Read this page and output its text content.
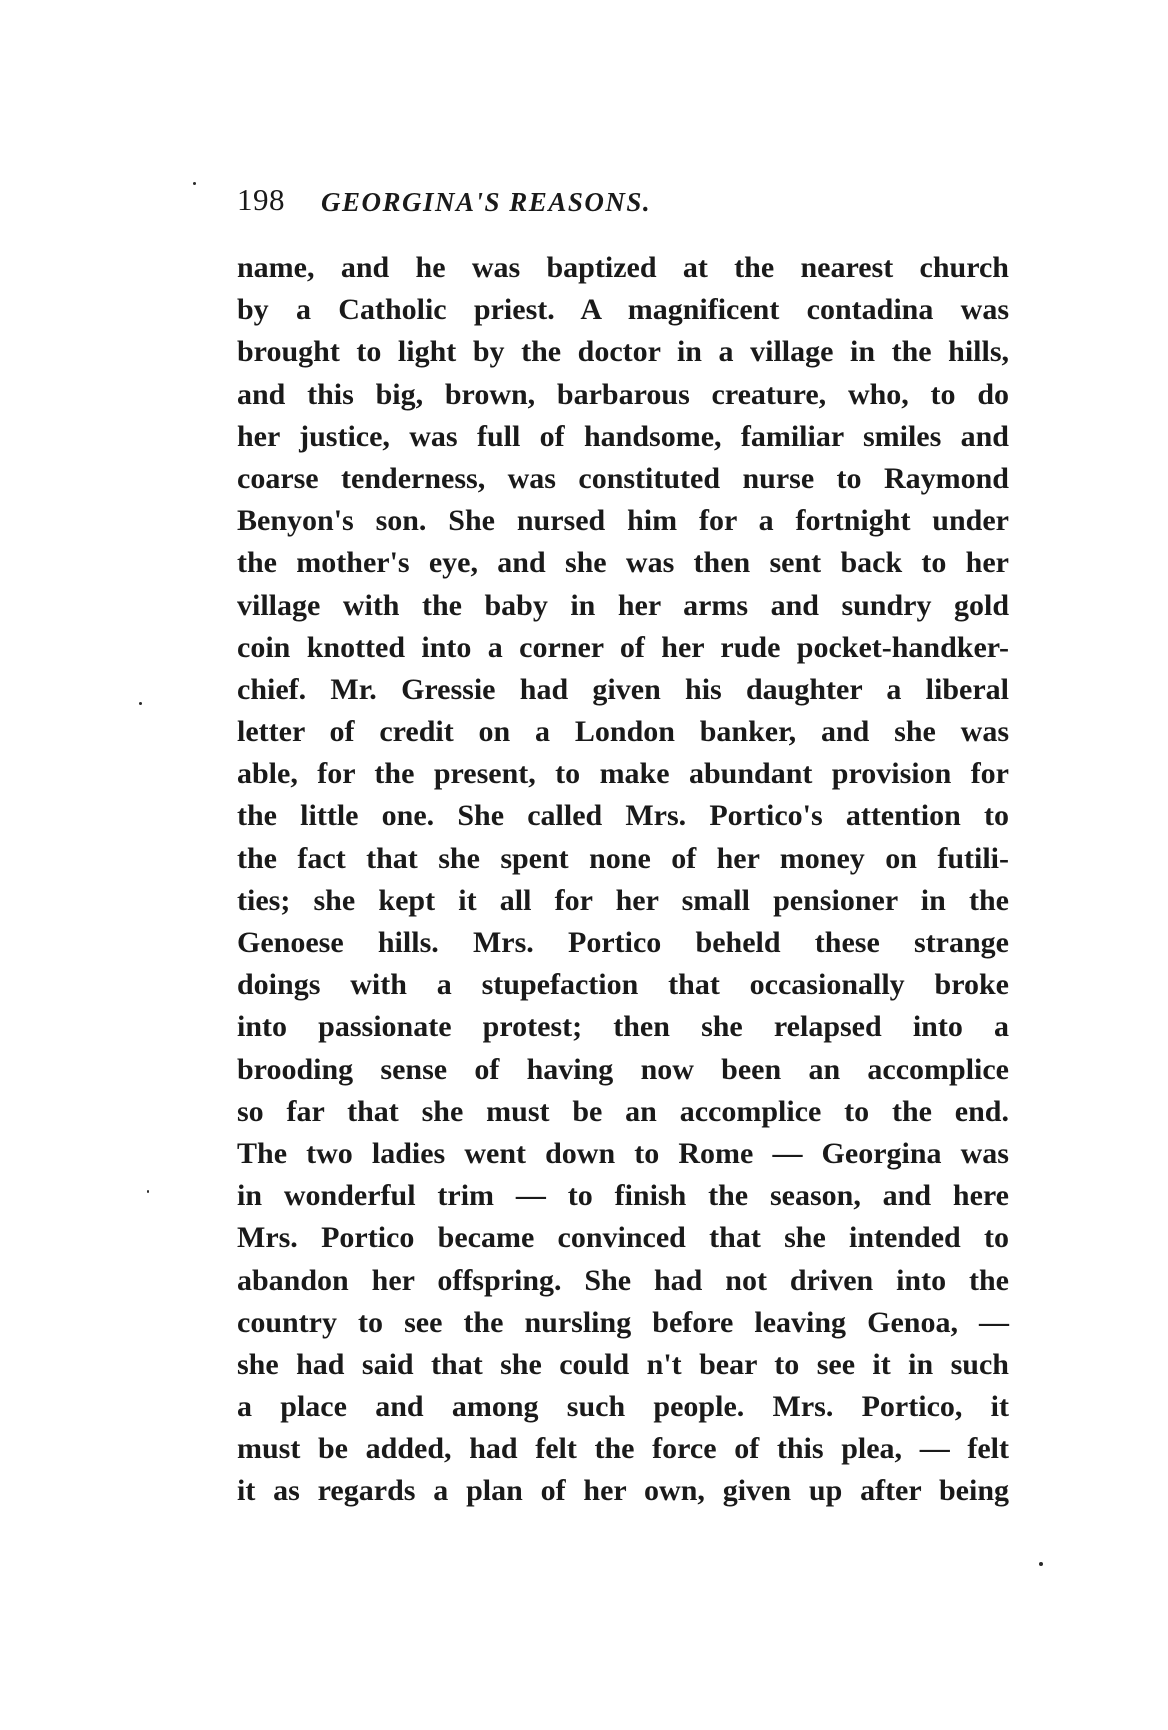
198 GEORGINA'S REASONS.
name, and he was baptized at the nearest church
by a Catholic priest. A magnificent contadina was
brought to light by the doctor in a village in the hills,
and this big, brown, barbarous creature, who, to do
her justice, was full of handsome, familiar smiles and
coarse tenderness, was constituted nurse to Raymond
Benyon's son. She nursed him for a fortnight under
the mother's eye, and she was then sent back to her
village with the baby in her arms and sundry gold
coin knotted into a corner of her rude pocket-handker-
chief. Mr. Gressie had given his daughter a liberal
letter of credit on a London banker, and she was
able, for the present, to make abundant provision for
the little one. She called Mrs. Portico's attention to
the fact that she spent none of her money on futili-
ties; she kept it all for her small pensioner in the
Genoese hills. Mrs. Portico beheld these strange
doings with a stupefaction that occasionally broke
into passionate protest; then she relapsed into a
brooding sense of having now been an accomplice
so far that she must be an accomplice to the end.
The two ladies went down to Rome — Georgina was
in wonderful trim — to finish the season, and here
Mrs. Portico became convinced that she intended to
abandon her offspring. She had not driven into the
country to see the nursling before leaving Genoa, —
she had said that she could n't bear to see it in such
a place and among such people. Mrs. Portico, it
must be added, had felt the force of this plea, — felt
it as regards a plan of her own, given up after being
